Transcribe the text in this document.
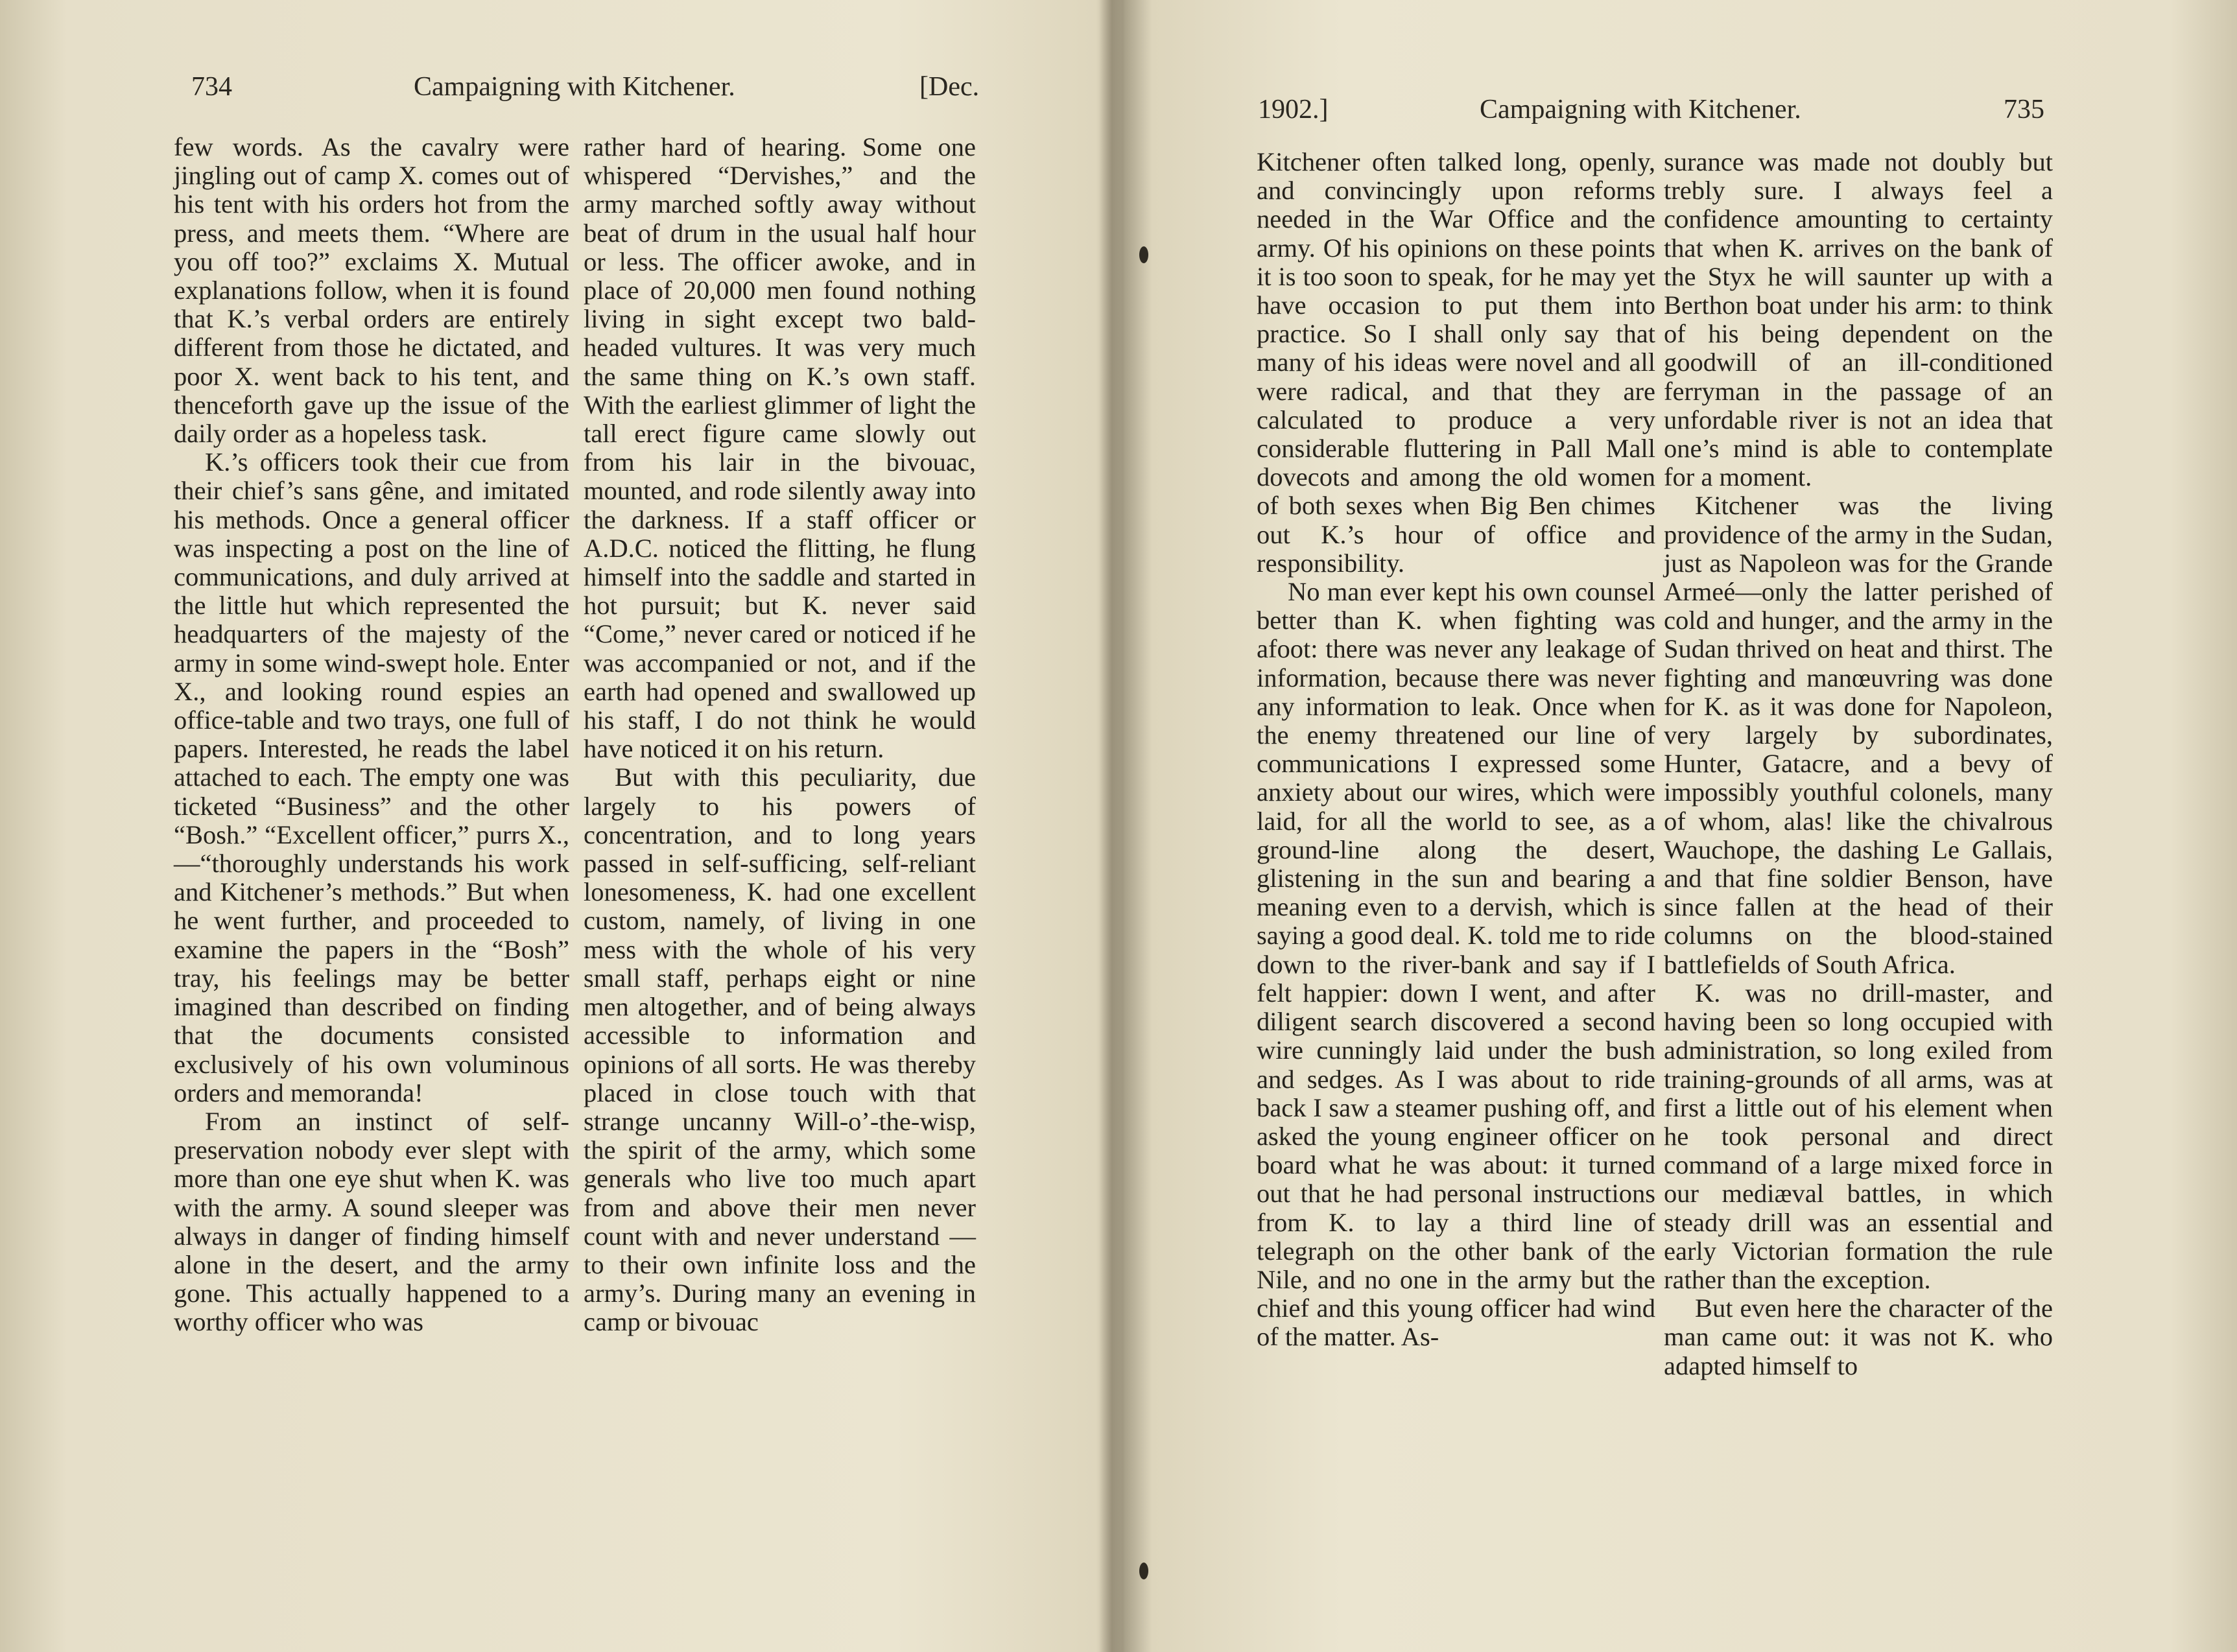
734	Campaigning with Kitchener.	[Dec.

few words. As the cavalry were jingling out of camp X. comes out of his tent with his orders hot from the press, and meets them. “Where are you off too?” exclaims X. Mutual explanations follow, when it is found that K.’s verbal orders are entirely different from those he dictated, and poor X. went back to his tent, and thenceforth gave up the issue of the daily order as a hopeless task.

K.’s officers took their cue from their chief’s sans gêne, and imitated his methods. Once a general officer was inspecting a post on the line of communications, and duly arrived at the little hut which represented the headquarters of the majesty of the army in some wind-swept hole. Enter X., and looking round espies an office-table and two trays, one full of papers. Interested, he reads the label attached to each. The empty one was ticketed “Business” and the other “Bosh.” “Excellent officer,” purrs X.,—“thoroughly understands his work and Kitchener’s methods.” But when he went further, and proceeded to examine the papers in the “Bosh” tray, his feelings may be better imagined than described on finding that the documents consisted exclusively of his own voluminous orders and memoranda!

From an instinct of self-preservation nobody ever slept with more than one eye shut when K. was with the army. A sound sleeper was always in danger of finding himself alone in the desert, and the army gone. This actually happened to a worthy officer who was

rather hard of hearing. Some one whispered “Dervishes,” and the army marched softly away without beat of drum in the usual half hour or less. The officer awoke, and in place of 20,000 men found nothing living in sight except two bald-headed vultures. It was very much the same thing on K.’s own staff. With the earliest glimmer of light the tall erect figure came slowly out from his lair in the bivouac, mounted, and rode silently away into the darkness. If a staff officer or A.D.C. noticed the flitting, he flung himself into the saddle and started in hot pursuit; but K. never said “Come,” never cared or noticed if he was accompanied or not, and if the earth had opened and swallowed up his staff, I do not think he would have noticed it on his return.

But with this peculiarity, due largely to his powers of concentration, and to long years passed in self-sufficing, self-reliant lonesomeness, K. had one excellent custom, namely, of living in one mess with the whole of his very small staff, perhaps eight or nine men altogether, and of being always accessible to information and opinions of all sorts. He was thereby placed in close touch with that strange uncanny Will-o’-the-wisp, the spirit of the army, which some generals who live too much apart from and above their men never count with and never understand — to their own infinite loss and the army’s. During many an evening in camp or bivouac

1902.]	Campaigning with Kitchener.	735

Kitchener often talked long, openly, and convincingly upon reforms needed in the War Office and the army. Of his opinions on these points it is too soon to speak, for he may yet have occasion to put them into practice. So I shall only say that many of his ideas were novel and all were radical, and that they are calculated to produce a very considerable fluttering in Pall Mall dovecots and among the old women of both sexes when Big Ben chimes out K.’s hour of office and responsibility.

No man ever kept his own counsel better than K. when fighting was afoot: there was never any leakage of information, because there was never any information to leak. Once when the enemy threatened our line of communications I expressed some anxiety about our wires, which were laid, for all the world to see, as a ground-line along the desert, glistening in the sun and bearing a meaning even to a dervish, which is saying a good deal. K. told me to ride down to the river-bank and say if I felt happier: down I went, and after diligent search discovered a second wire cunningly laid under the bush and sedges. As I was about to ride back I saw a steamer pushing off, and asked the young engineer officer on board what he was about: it turned out that he had personal instructions from K. to lay a third line of telegraph on the other bank of the Nile, and no one in the army but the chief and this young officer had wind of the matter. As-

surance was made not doubly but trebly sure. I always feel a confidence amounting to certainty that when K. arrives on the bank of the Styx he will saunter up with a Berthon boat under his arm: to think of his being dependent on the goodwill of an ill-conditioned ferryman in the passage of an unfordable river is not an idea that one’s mind is able to contemplate for a moment.

Kitchener was the living providence of the army in the Sudan, just as Napoleon was for the Grande Armeé—only the latter perished of cold and hunger, and the army in the Sudan thrived on heat and thirst. The fighting and manœuvring was done for K. as it was done for Napoleon, very largely by subordinates, Hunter, Gatacre, and a bevy of impossibly youthful colonels, many of whom, alas! like the chivalrous Wauchope, the dashing Le Gallais, and that fine soldier Benson, have since fallen at the head of their columns on the blood-stained battlefields of South Africa.

K. was no drill-master, and having been so long occupied with administration, so long exiled from training-grounds of all arms, was at first a little out of his element when he took personal and direct command of a large mixed force in our mediæval battles, in which steady drill was an essential and early Victorian formation the rule rather than the exception.

But even here the character of the man came out: it was not K. who adapted himself to
